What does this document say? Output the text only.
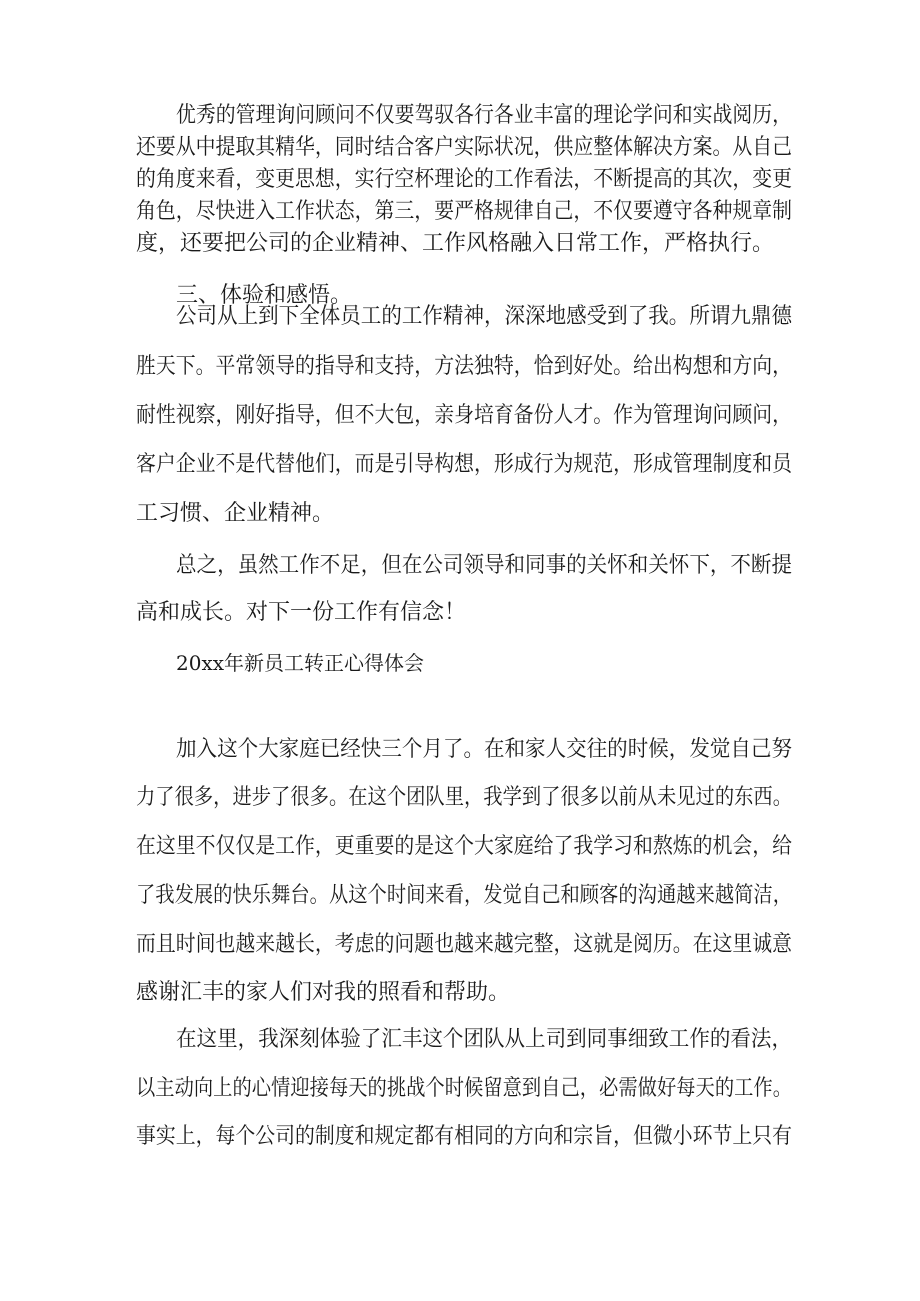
优秀的管理询问顾问不仅要驾驭各行各业丰富的理论学问和实战阅历，
还要从中提取其精华，同时结合客户实际状况，供应整体解决方案。从自己
的角度来看，变更思想，实行空杯理论的工作看法，不断提高的其次，变更
角色，尽快进入工作状态，第三，要严格规律自己，不仅要遵守各种规章制
度，还要把公司的企业精神、工作风格融入日常工作，严格执行。
三、体验和感悟。
公司从上到下全体员工的工作精神，深深地感受到了我。所谓九鼎德
胜天下。平常领导的指导和支持，方法独特，恰到好处。给出构想和方向，
耐性视察，刚好指导，但不大包，亲身培育备份人才。作为管理询问顾问，
客户企业不是代替他们，而是引导构想，形成行为规范，形成管理制度和员
工习惯、企业精神。
总之，虽然工作不足，但在公司领导和同事的关怀和关怀下，不断提
高和成长。对下一份工作有信念！
20xx年新员工转正心得体会
加入这个大家庭已经快三个月了。在和家人交往的时候，发觉自己努
力了很多，进步了很多。在这个团队里，我学到了很多以前从未见过的东西。
在这里不仅仅是工作，更重要的是这个大家庭给了我学习和熬炼的机会，给
了我发展的快乐舞台。从这个时间来看，发觉自己和顾客的沟通越来越简洁，
而且时间也越来越长，考虑的问题也越来越完整，这就是阅历。在这里诚意
感谢汇丰的家人们对我的照看和帮助。
在这里，我深刻体验了汇丰这个团队从上司到同事细致工作的看法，
以主动向上的心情迎接每天的挑战个时候留意到自己，必需做好每天的工作。
事实上，每个公司的制度和规定都有相同的方向和宗旨，但微小环节上只有
